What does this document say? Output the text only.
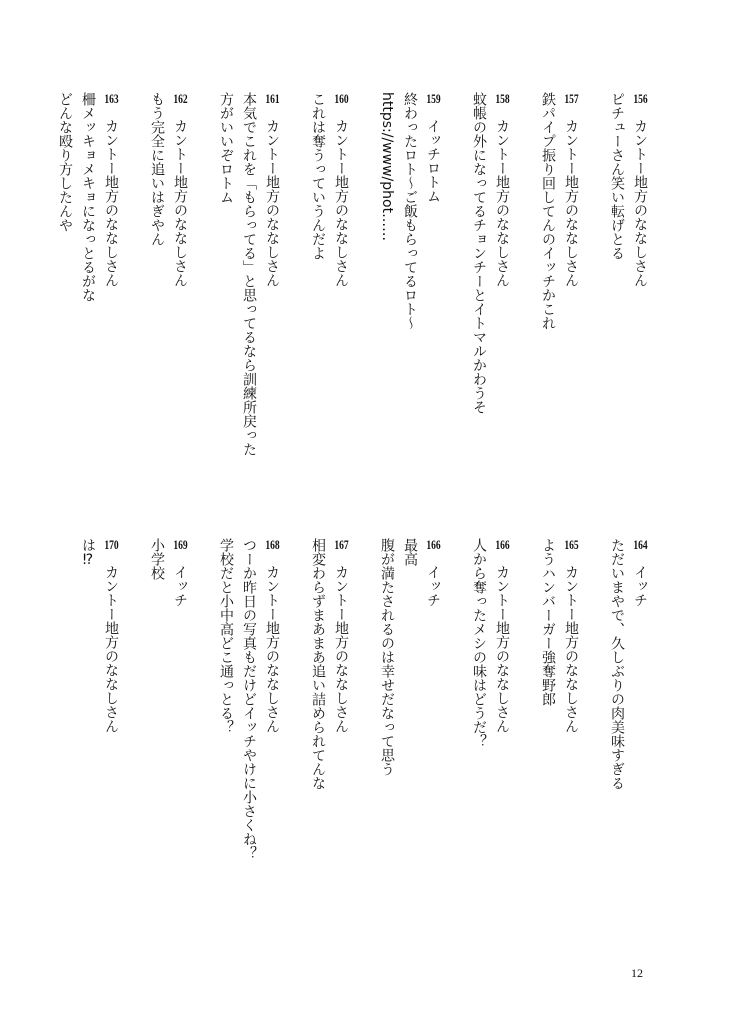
156　カントー地方のななしさん
ピチューさん笑い転げとる
157　カントー地方のななしさん
鉄パイプ振り回してんのイッチかこれ
158　カントー地方のななしさん
蚊帳の外になってるチョンチーとイトマルかわうそ
159　イッチロトム
終わったロト～ご飯もらってるロト～
https://www/phot……
160　カントー地方のななしさん
これは奪うっていうんだよ
161　カントー地方のななしさん
本気でこれを「もらってる」と思ってるなら訓練所戻った
方がいいぞロトム
162　カントー地方のななしさん
もう完全に追いはぎやん
163　カントー地方のななしさん
柵メッキョメキョになっとるがな
どんな殴り方したんや
164　イッチ
ただいまやで、久しぶりの肉美味すぎる
165　カントー地方のななしさん
ようハンバーガー強奪野郎
166　カントー地方のななしさん
人から奪ったメシの味はどうだ？
166　イッチ
最高
腹が満たされるのは幸せだなって思う
167　カントー地方のななしさん
相変わらずまあまあ追い詰められてんな
168　カントー地方のななしさん
つーか昨日の写真もだけどイッチやけに小さくね？
学校だと小中高どこ通っとる？
169　イッチ
小学校
170　カントー地方のななしさん
は⁉
12
